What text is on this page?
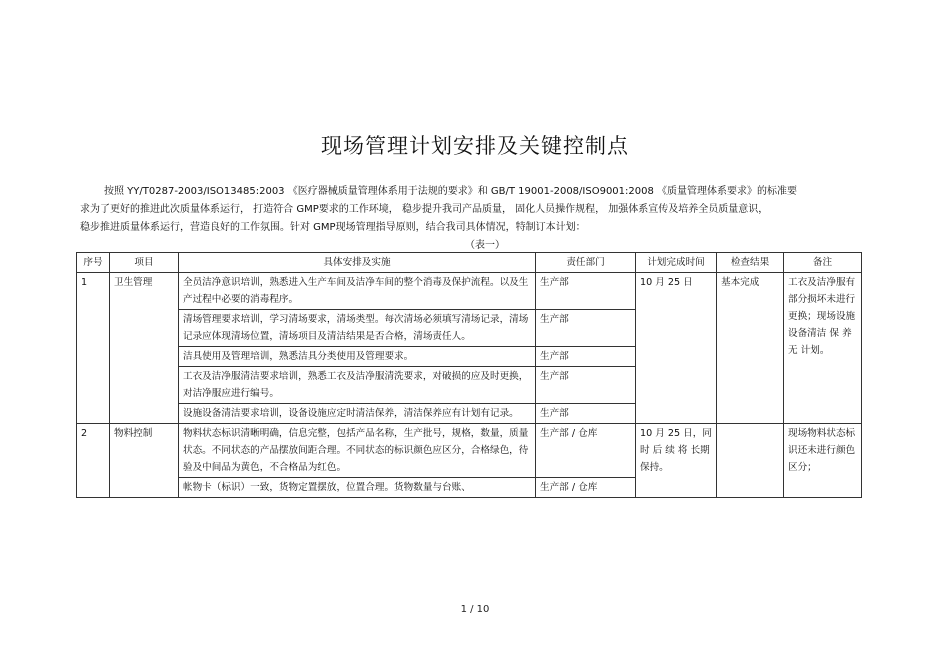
现场管理计划安排及关键控制点

按照 YY/T0287-2003/ISO13485:2003 《医疗器械质量管理体系用于法规的要求》和 GB/T 19001-2008/ISO9001:2008 《质量管理体系要求》的标准要

求为了更好的推进此次质量体系运行， 打造符合 GMP要求的工作环境， 稳步提升我司产品质量， 固化人员操作规程， 加强体系宣传及培养全员质量意识，

稳步推进质量体系运行，营造良好的工作氛围。针对 GMP现场管理指导原则，结合我司具体情况，特制订本计划：

（表一）
序号	项目	具体安排及实施	责任部门	计划完成时间	检查结果	备注
1	卫生管理	全员洁净意识培训，熟悉进入生产车间及洁净车间的整个消毒及保护流程。以及生产过程中必要的消毒程序。	生产部	10 月 25 日	基本完成	工衣及洁净服有部分损坏未进行更换；现场设施设备清洁 保 养 无 计划。
		清场管理要求培训，学习清场要求，清场类型。每次清场必须填写清场记录，清场记录应体现清场位置，清场项目及清洁结果是否合格，清场责任人。	生产部			
		洁具使用及管理培训，熟悉洁具分类使用及管理要求。	生产部			
		工衣及洁净服清洁要求培训，熟悉工衣及洁净服清洗要求，对破损的应及时更换，对洁净服应进行编号。	生产部			
		设施设备清洁要求培训，设备设施应定时清洁保养，清洁保养应有计划有记录。	生产部			
2	物料控制	物料状态标识清晰明确，信息完整，包括产品名称，生产批号，规格，数量，质量状态。不同状态的产品摆放间距合理。不同状态的标识颜色应区分，合格绿色，待验及中间品为黄色，不合格品为红色。	生产部 / 仓库	10 月 25 日，同 时 后 续 将 长期保持。		现场物料状态标识还未进行颜色区分；
		帐物卡（标识）一致，货物定置摆放，位置合理。货物数量与台账、	生产部 / 仓库			
1 / 10
